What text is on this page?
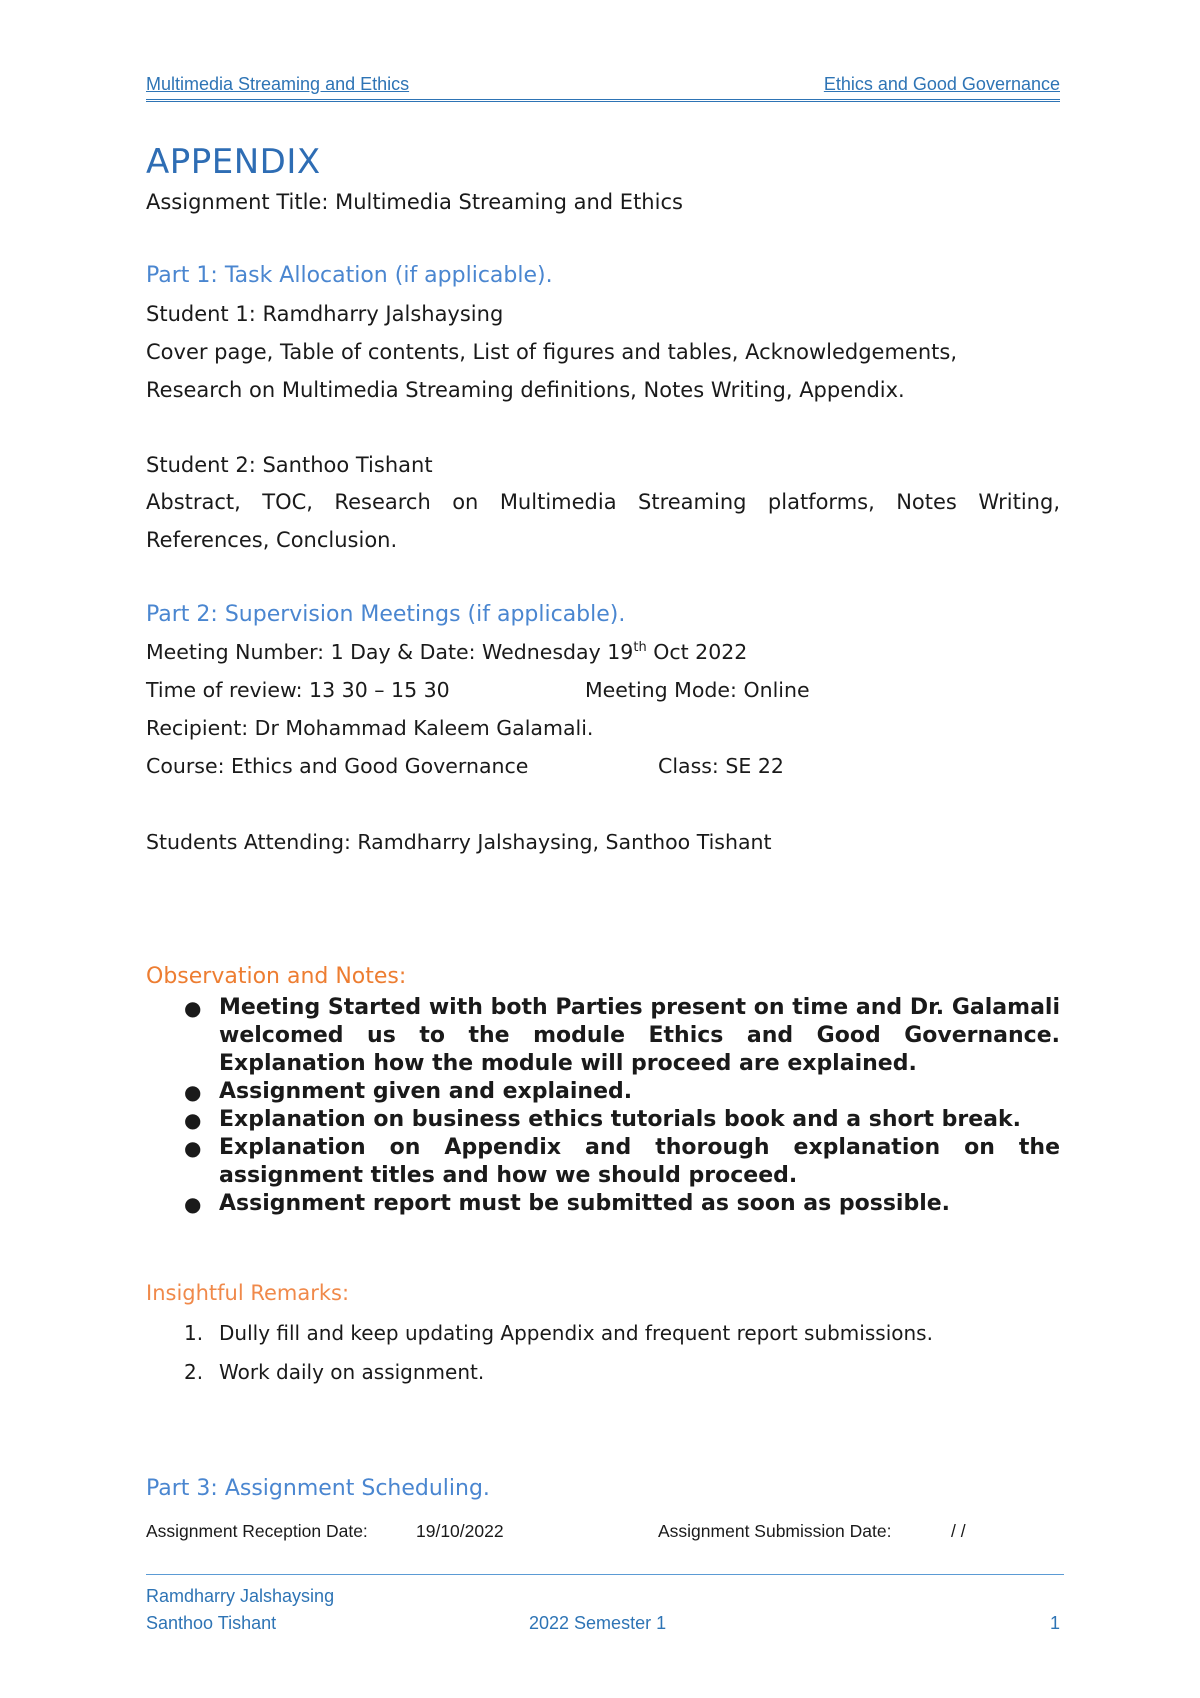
Multimedia Streaming and Ethics	Ethics and Good Governance
APPENDIX
Assignment Title: Multimedia Streaming and Ethics
Part 1: Task Allocation (if applicable).
Student 1: Ramdharry Jalshaysing
Cover page, Table of contents, List of figures and tables, Acknowledgements,
Research on Multimedia Streaming definitions, Notes Writing, Appendix.
Student 2: Santhoo Tishant
Abstract, TOC, Research on Multimedia Streaming platforms, Notes Writing,
References, Conclusion.
Part 2: Supervision Meetings (if applicable).
Meeting Number: 1 Day & Date: Wednesday 19th Oct 2022
Time of review: 13 30 – 15 30	Meeting Mode: Online
Recipient: Dr Mohammad Kaleem Galamali.
Course: Ethics and Good Governance	Class: SE 22
Students Attending: Ramdharry Jalshaysing, Santhoo Tishant
Observation and Notes:
● Meeting Started with both Parties present on time and Dr. Galamali
welcomed us to the module Ethics and Good Governance.
Explanation how the module will proceed are explained.
● Assignment given and explained.
● Explanation on business ethics tutorials book and a short break.
● Explanation on Appendix and thorough explanation on the
assignment titles and how we should proceed.
● Assignment report must be submitted as soon as possible.
Insightful Remarks:
1. Dully fill and keep updating Appendix and frequent report submissions.
2. Work daily on assignment.
Part 3: Assignment Scheduling.
Assignment Reception Date:	19/10/2022	Assignment Submission Date:	/ /
Ramdharry Jalshaysing
Santhoo Tishant	2022 Semester 1	1
